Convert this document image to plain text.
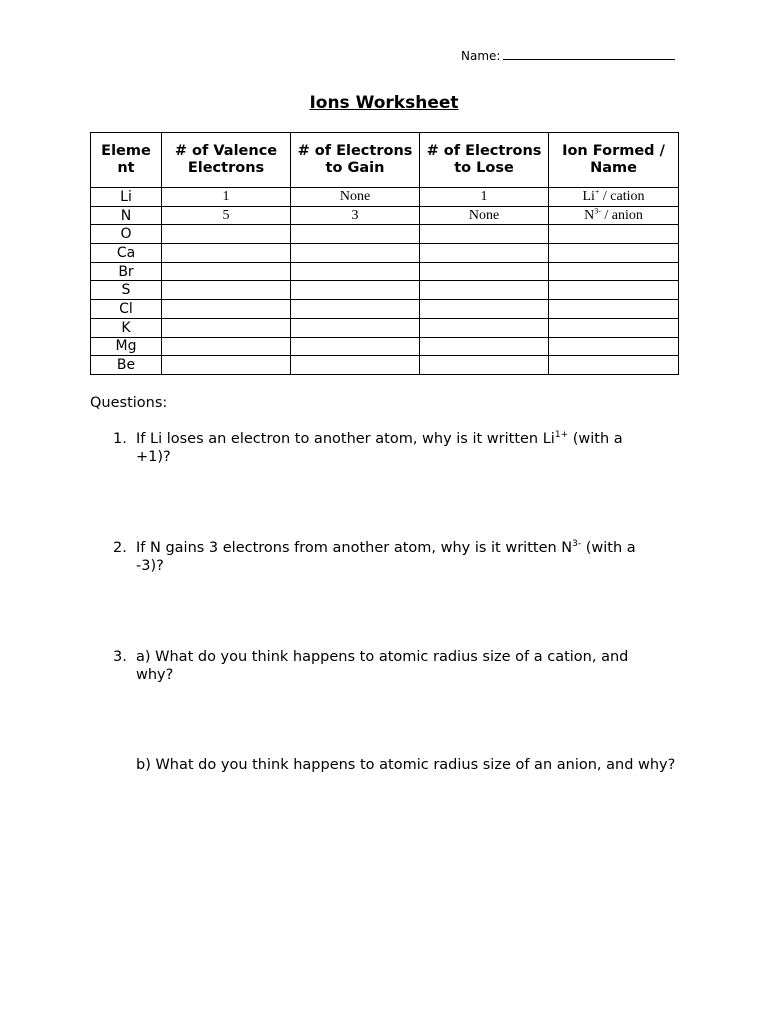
Name:
Ions Worksheet
Eleme nt	# of Valence Electrons	# of Electrons to Gain	# of Electrons to Lose	Ion Formed / Name
Li	1	None	1	Li+ / cation
N	5	3	None	$N^{3-}$ / anion
O				
Ca				
Br				
S				
Cl				
K				
Mg				
Be				
Questions:
1. If Li loses an electron to another atom, why is it written $Li^{1+}$ (with a +1)?
2. If N gains 3 electrons from another atom, why is it written $N^{3-}$ (with a -3)?
3. a) What do you think happens to atomic radius size of a cation, and why?
b) What do you think happens to atomic radius size of an anion, and why?
